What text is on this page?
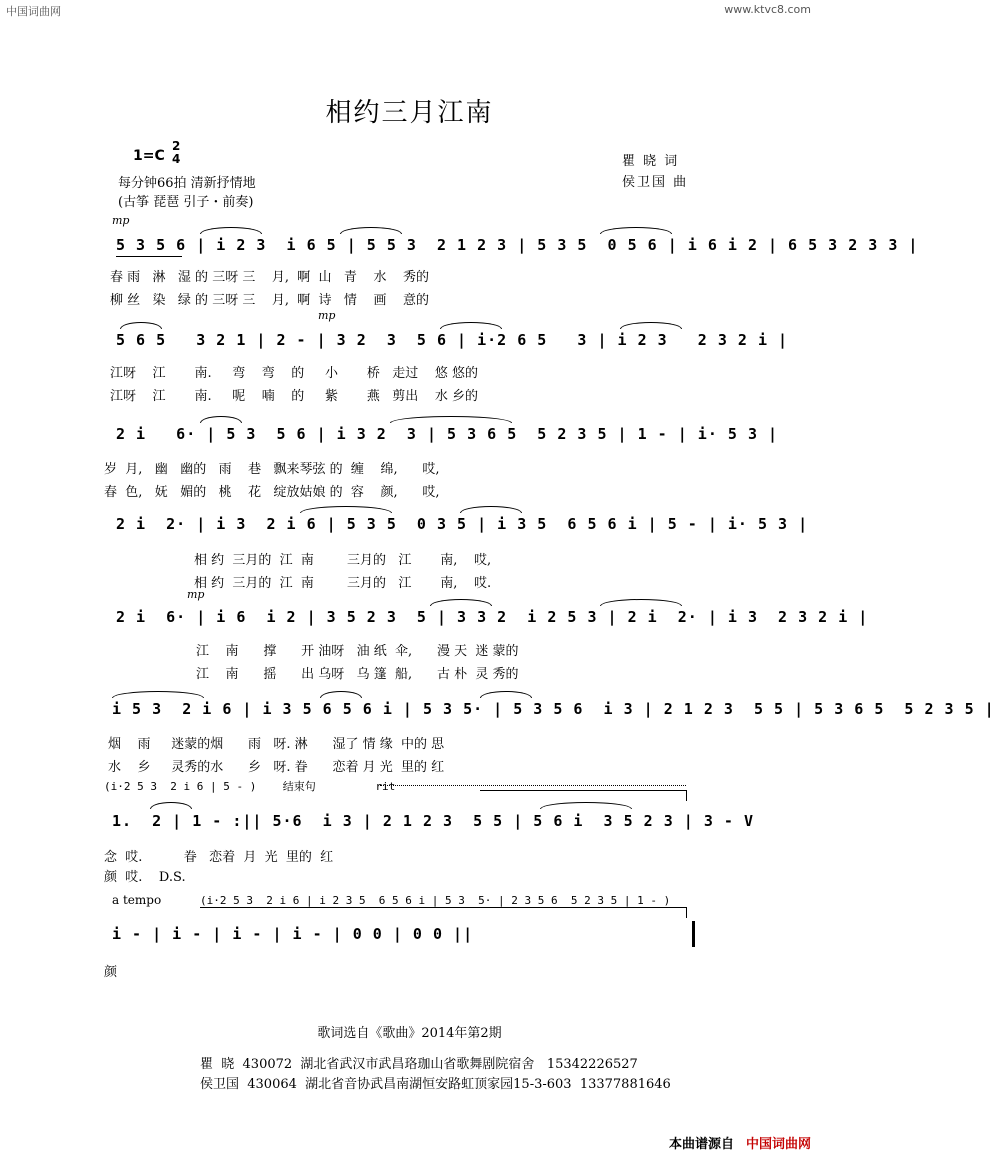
中国词曲网	www.ktvc8.com
相约三月江南
1=C
2
4
每分钟66拍 清新抒情地
(古筝 琵琶 引子・前奏)
瞿 晓 词
侯卫国 曲
mp
5 3 5 6 | i 2 3  i 6 5 | 5 5 3  2 1 2 3 | 5 3 5  0 5 6 | i 6 i 2 | 6 5 3 2 3 3 |
春 雨   淋   湿 的 三呀 三    月,  啊  山   青    水    秀的
柳 丝   染   绿 的 三呀 三    月,  啊  诗   情    画    意的
mp
5 6 5   3 2 1 | 2 - | 3 2  3  5 6 | i·2 6 5   3 | i 2 3   2 3 2 i |
江呀    江       南.     弯    弯    的     小       桥   走过    悠 悠的
江呀    江       南.     呢    喃    的     紫       燕   剪出    水 乡的
2 i   6· | 5 3  5 6 | i 3 2  3 | 5 3 6 5  5 2 3 5 | 1 - | i· 5 3 |
岁  月,   幽   幽的   雨    巷   飘来琴弦 的  缠    绵,      哎,
春  色,   妩   媚的   桃    花   绽放姑娘 的  容    颜,      哎,
2 i  2· | i 3  2 i 6 | 5 3 5  0 3 5 | i 3 5  6 5 6 i | 5 - | i· 5 3 |
相 约  三月的  江  南        三月的   江       南,    哎,
相 约  三月的  江  南        三月的   江       南,    哎.
mp
2 i  6· | i 6  i 2 | 3 5 2 3  5 | 3 3 2  i 2 5 3 | 2 i  2· | i 3  2 3 2 i |
江    南      撑      开 油呀   油 纸  伞,      漫 天  迷 蒙的
江    南      摇      出 乌呀   乌 篷  船,      古 朴  灵 秀的
i 5 3  2 i 6 | i 3 5 6 5 6 i | 5 3 5· | 5 3 5 6  i 3 | 2 1 2 3  5 5 | 5 3 6 5  5 2 3 5 |
烟    雨     迷蒙的烟      雨   呀. 淋      湿了 情 缘  中的 思
水    乡     灵秀的水      乡   呀. 眷      恋着 月 光  里的 红
(i·2 5 3  2 i 6 | 5 - )    结束句         rit
1.  2 | 1 - :|| 5·6  i 3 | 2 1 2 3  5 5 | 5 6 i  3 5 2 3 | 3 - V
念  哎.          眷   恋着  月  光  里的  红
颜  哎.    D.S.
a tempo	(i·2 5 3  2 i 6 | i 2 3 5  6 5 6 i | 5 3  5· | 2 3 5 6  5 2 3 5 | 1 - )
i - | i - | i - | i - | 0 0 | 0 0 ||
颜
歌词选自《歌曲》2014年第2期
瞿  晓  430072  湖北省武汉市武昌珞珈山省歌舞剧院宿舍   15342226527
侯卫国  430064  湖北省音协武昌南湖恒安路虹顶家园15-3-603  13377881646
本曲谱源自 中国词曲网
